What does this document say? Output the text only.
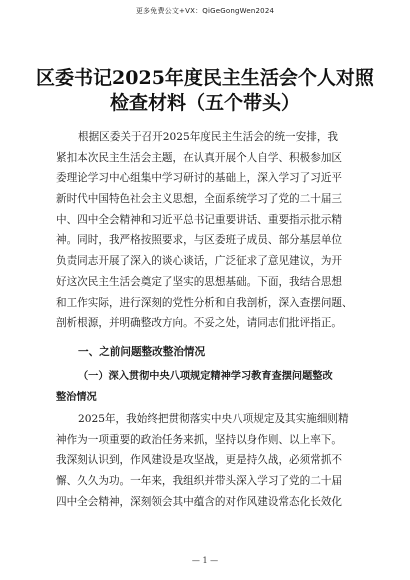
更多免费公文+VX：QiGeGongWen2024
区委书记2025年度民主生活会个人对照
检查材料（五个带头）
根据区委关于召开2025年度民主生活会的统一安排，我
紧扣本次民主生活会主题，在认真开展个人自学、积极参加区
委理论学习中心组集中学习研讨的基础上，深入学习了习近平
新时代中国特色社会主义思想，全面系统学习了党的二十届三
中、四中全会精神和习近平总书记重要讲话、重要指示批示精
神。同时，我严格按照要求，与区委班子成员、部分基层单位
负责同志开展了深入的谈心谈话，广泛征求了意见建议，为开
好这次民主生活会奠定了坚实的思想基础。下面，我结合思想
和工作实际，进行深刻的党性分析和自我剖析，深入查摆问题、
剖析根源，并明确整改方向。不妥之处，请同志们批评指正。
一、之前问题整改整治情况
（一）深入贯彻中央八项规定精神学习教育查摆问题整改
整治情况
2025年，我始终把贯彻落实中央八项规定及其实施细则精
神作为一项重要的政治任务来抓，坚持以身作则、以上率下。
我深刻认识到，作风建设是攻坚战，更是持久战，必须常抓不
懈、久久为功。一年来，我组织并带头深入学习了党的二十届
四中全会精神，深刻领会其中蕴含的对作风建设常态化长效化
— 1 —
